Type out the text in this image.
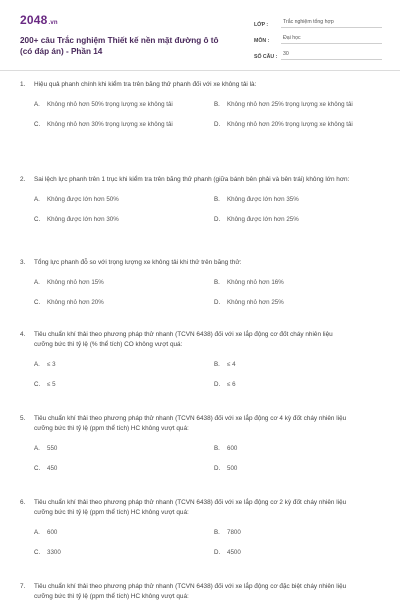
2048.vn
200+ câu Trắc nghiệm Thiết kế nền mặt đường ô tô (có đáp án) - Phần 14
LỚP :	Trắc nghiệm tổng hợp
MÔN :	Đại học
SỐ CÂU :	30
1.	Hiệu quả phanh chính khi kiểm tra trên băng thử phanh đối với xe không tải là:
A.	Không nhỏ hơn 50% trọng lượng xe không tải	B.	Không nhỏ hơn 25% trọng lượng xe không tải
C.	Không nhỏ hơn 30% trọng lượng xe không tải	D.	Không nhỏ hơn 20% trọng lượng xe không tải
2.	Sai lệch lực phanh trên 1 trục khi kiểm tra trên băng thử phanh (giữa bánh bên phải và bên trái) không lớn hơn:
A.	Không được lớn hơn 50%	B.	Không được lớn hơn 35%
C.	Không được lớn hơn 30%	D.	Không được lớn hơn 25%
3.	Tổng lực phanh đỗ so với trọng lượng xe không tải khi thử trên băng thử:
A.	Không nhỏ hơn 15%	B.	Không nhỏ hơn 16%
C.	Không nhỏ hơn 20%	D.	Không nhỏ hơn 25%
4.	Tiêu chuẩn khí thải theo phương pháp thử nhanh (TCVN 6438) đối với xe lắp động cơ đốt cháy nhiên liệu cưỡng bức thì tỷ lệ (% thể tích) CO không vượt quá:
A.	≤ 3	B.	≤ 4
C.	≤ 5	D.	≤ 6
5.	Tiêu chuẩn khí thải theo phương pháp thử nhanh (TCVN 6438) đối với xe lắp động cơ 4 kỳ đốt cháy nhiên liệu cưỡng bức thì tỷ lệ (ppm thể tích) HC không vượt quá:
A.	550	B.	600
C.	450	D.	500
6.	Tiêu chuẩn khí thải theo phương pháp thử nhanh (TCVN 6438) đối với xe lắp động cơ 2 kỳ đốt cháy nhiên liệu cưỡng bức thì tỷ lệ (ppm thể tích) HC không vượt quá:
A.	600	B.	7800
C.	3300	D.	4500
7.	Tiêu chuẩn khí thải theo phương pháp thử nhanh (TCVN 6438) đối với xe lắp động cơ đặc biệt cháy nhiên liệu cưỡng bức thì tỷ lệ (ppm thể tích) HC không vượt quá:
